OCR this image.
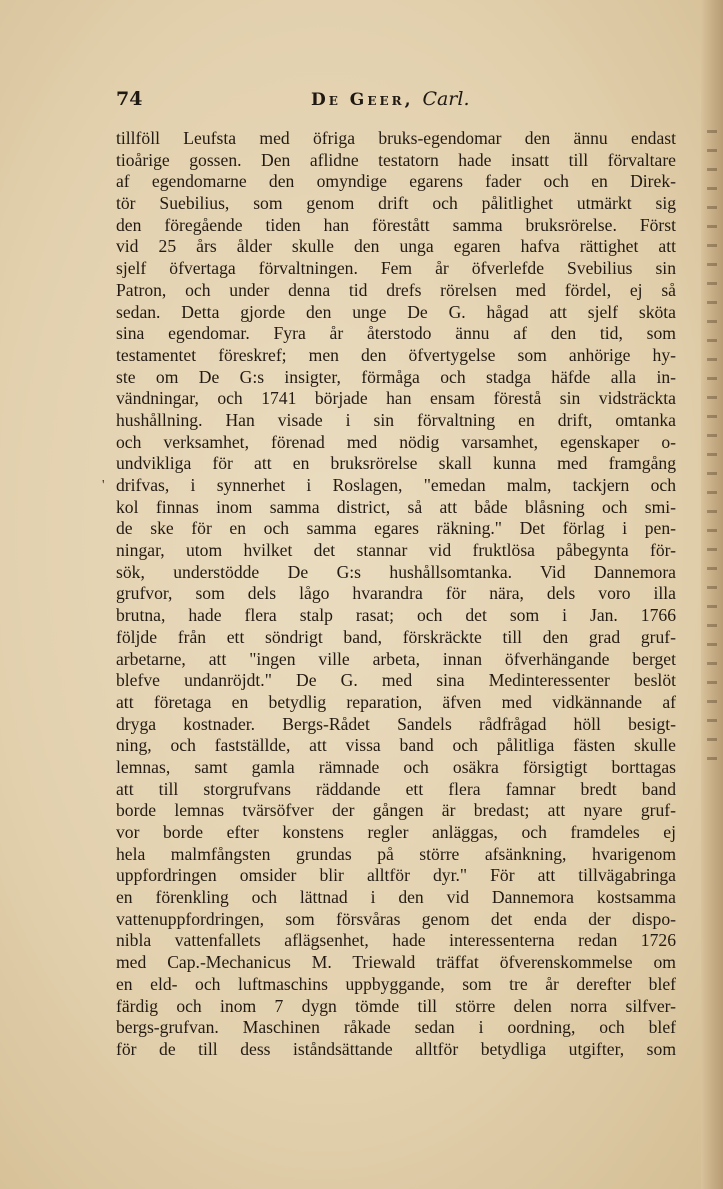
74	De Geer, Carl.
'
tillföll Leufsta med öfriga bruks-egendomar den ännu endast
tioårige gossen. Den aflidne testatorn hade insatt till förvaltare
af egendomarne den omyndige egarens fader och en Direk-
tör Suebilius, som genom drift och pålitlighet utmärkt sig
den föregående tiden han förestått samma bruksrörelse. Först
vid 25 års ålder skulle den unga egaren hafva rättighet att
sjelf öfvertaga förvaltningen. Fem år öfverlefde Svebilius sin
Patron, och under denna tid drefs rörelsen med fördel, ej så
sedan. Detta gjorde den unge De G. hågad att sjelf sköta
sina egendomar. Fyra år återstodo ännu af den tid, som
testamentet föreskref; men den öfvertygelse som anhörige hy-
ste om De G:s insigter, förmåga och stadga häfde alla in-
vändningar, och 1741 började han ensam förestå sin vidsträckta
hushållning. Han visade i sin förvaltning en drift, omtanka
och verksamhet, förenad med nödig varsamhet, egenskaper o-
undvikliga för att en bruksrörelse skall kunna med framgång
drifvas, i synnerhet i Roslagen, "emedan malm, tackjern och
kol finnas inom samma district, så att både blåsning och smi-
de ske för en och samma egares räkning." Det förlag i pen-
ningar, utom hvilket det stannar vid fruktlösa påbegynta för-
sök, understödde De G:s hushållsomtanka. Vid Dannemora
grufvor, som dels lågo hvarandra för nära, dels voro illa
brutna, hade flera stalp rasat; och det som i Jan. 1766
följde från ett söndrigt band, förskräckte till den grad gruf-
arbetarne, att "ingen ville arbeta, innan öfverhängande berget
blefve undanröjdt." De G. med sina Medinteressenter beslöt
att företaga en betydlig reparation, äfven med vidkännande af
dryga kostnader. Bergs-Rådet Sandels rådfrågad höll besigt-
ning, och fastställde, att vissa band och pålitliga fästen skulle
lemnas, samt gamla rämnade och osäkra försigtigt borttagas
att till storgrufvans räddande ett flera famnar bredt band
borde lemnas tvärsöfver der gången är bredast; att nyare gruf-
vor borde efter konstens regler anläggas, och framdeles ej
hela malmfångsten grundas på större afsänkning, hvarigenom
uppfordringen omsider blir alltför dyr." För att tillvägabringa
en förenkling och lättnad i den vid Dannemora kostsamma
vattenuppfordringen, som försvåras genom det enda der dispo-
nibla vattenfallets aflägsenhet, hade interessenterna redan 1726
med Cap.-Mechanicus M. Triewald träffat öfverenskommelse om
en eld- och luftmaschins uppbyggande, som tre år derefter blef
färdig och inom 7 dygn tömde till större delen norra silfver-
bergs-grufvan. Maschinen råkade sedan i oordning, och blef
för de till dess iståndsättande alltför betydliga utgifter, som
